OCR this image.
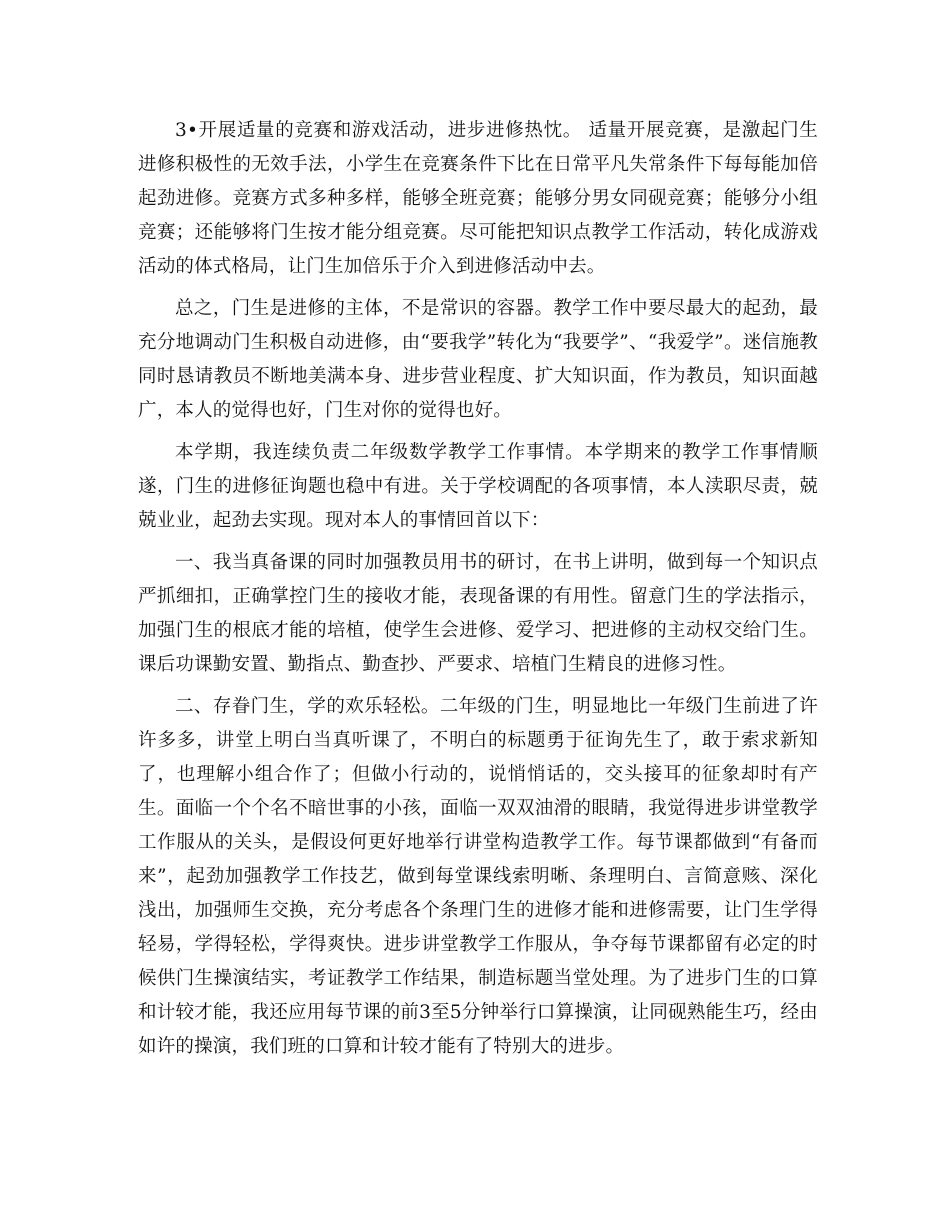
3•开展适量的竞赛和游戏活动，进步进修热忱。 适量开展竞赛，是激起门生进修积极性的无效手法，小学生在竞赛条件下比在日常平凡失常条件下每每能加倍起劲进修。竞赛方式多种多样，能够全班竞赛；能够分男女同砚竞赛；能够分小组竞赛；还能够将门生按才能分组竞赛。尽可能把知识点教学工作活动，转化成游戏活动的体式格局，让门生加倍乐于介入到进修活动中去。

总之，门生是进修的主体，不是常识的容器。教学工作中要尽最大的起劲，最充分地调动门生积极自动进修，由“要我学”转化为“我要学”、“我爱学”。迷信施教同时恳请教员不断地美满本身、进步营业程度、扩大知识面，作为教员，知识面越广，本人的觉得也好，门生对你的觉得也好。

本学期，我连续负责二年级数学教学工作事情。本学期来的教学工作事情顺遂，门生的进修征询题也稳中有进。关于学校调配的各项事情，本人渎职尽责，兢兢业业，起劲去实现。现对本人的事情回首以下：

一、我当真备课的同时加强教员用书的研讨，在书上讲明，做到每一个知识点严抓细扣，正确掌控门生的接收才能，表现备课的有用性。留意门生的学法指示，加强门生的根底才能的培植，使学生会进修、爱学习、把进修的主动权交给门生。课后功课勤安置、勤指点、勤查抄、严要求、培植门生精良的进修习性。

二、存眷门生，学的欢乐轻松。二年级的门生，明显地比一年级门生前进了许许多多，讲堂上明白当真听课了，不明白的标题勇于征询先生了，敢于索求新知了，也理解小组合作了；但做小行动的，说悄悄话的，交头接耳的征象却时有产生。面临一个个名不暗世事的小孩，面临一双双油滑的眼睛，我觉得进步讲堂教学工作服从的关头，是假设何更好地举行讲堂构造教学工作。每节课都做到“有备而来”，起劲加强教学工作技艺，做到每堂课线索明晰、条理明白、言简意赅、深化浅出，加强师生交换，充分考虑各个条理门生的进修才能和进修需要，让门生学得轻易，学得轻松，学得爽快。进步讲堂教学工作服从，争夺每节课都留有必定的时候供门生操演结实，考证教学工作结果，制造标题当堂处理。为了进步门生的口算和计较才能，我还应用每节课的前3至5分钟举行口算操演，让同砚熟能生巧，经由如许的操演，我们班的口算和计较才能有了特别大的进步。
